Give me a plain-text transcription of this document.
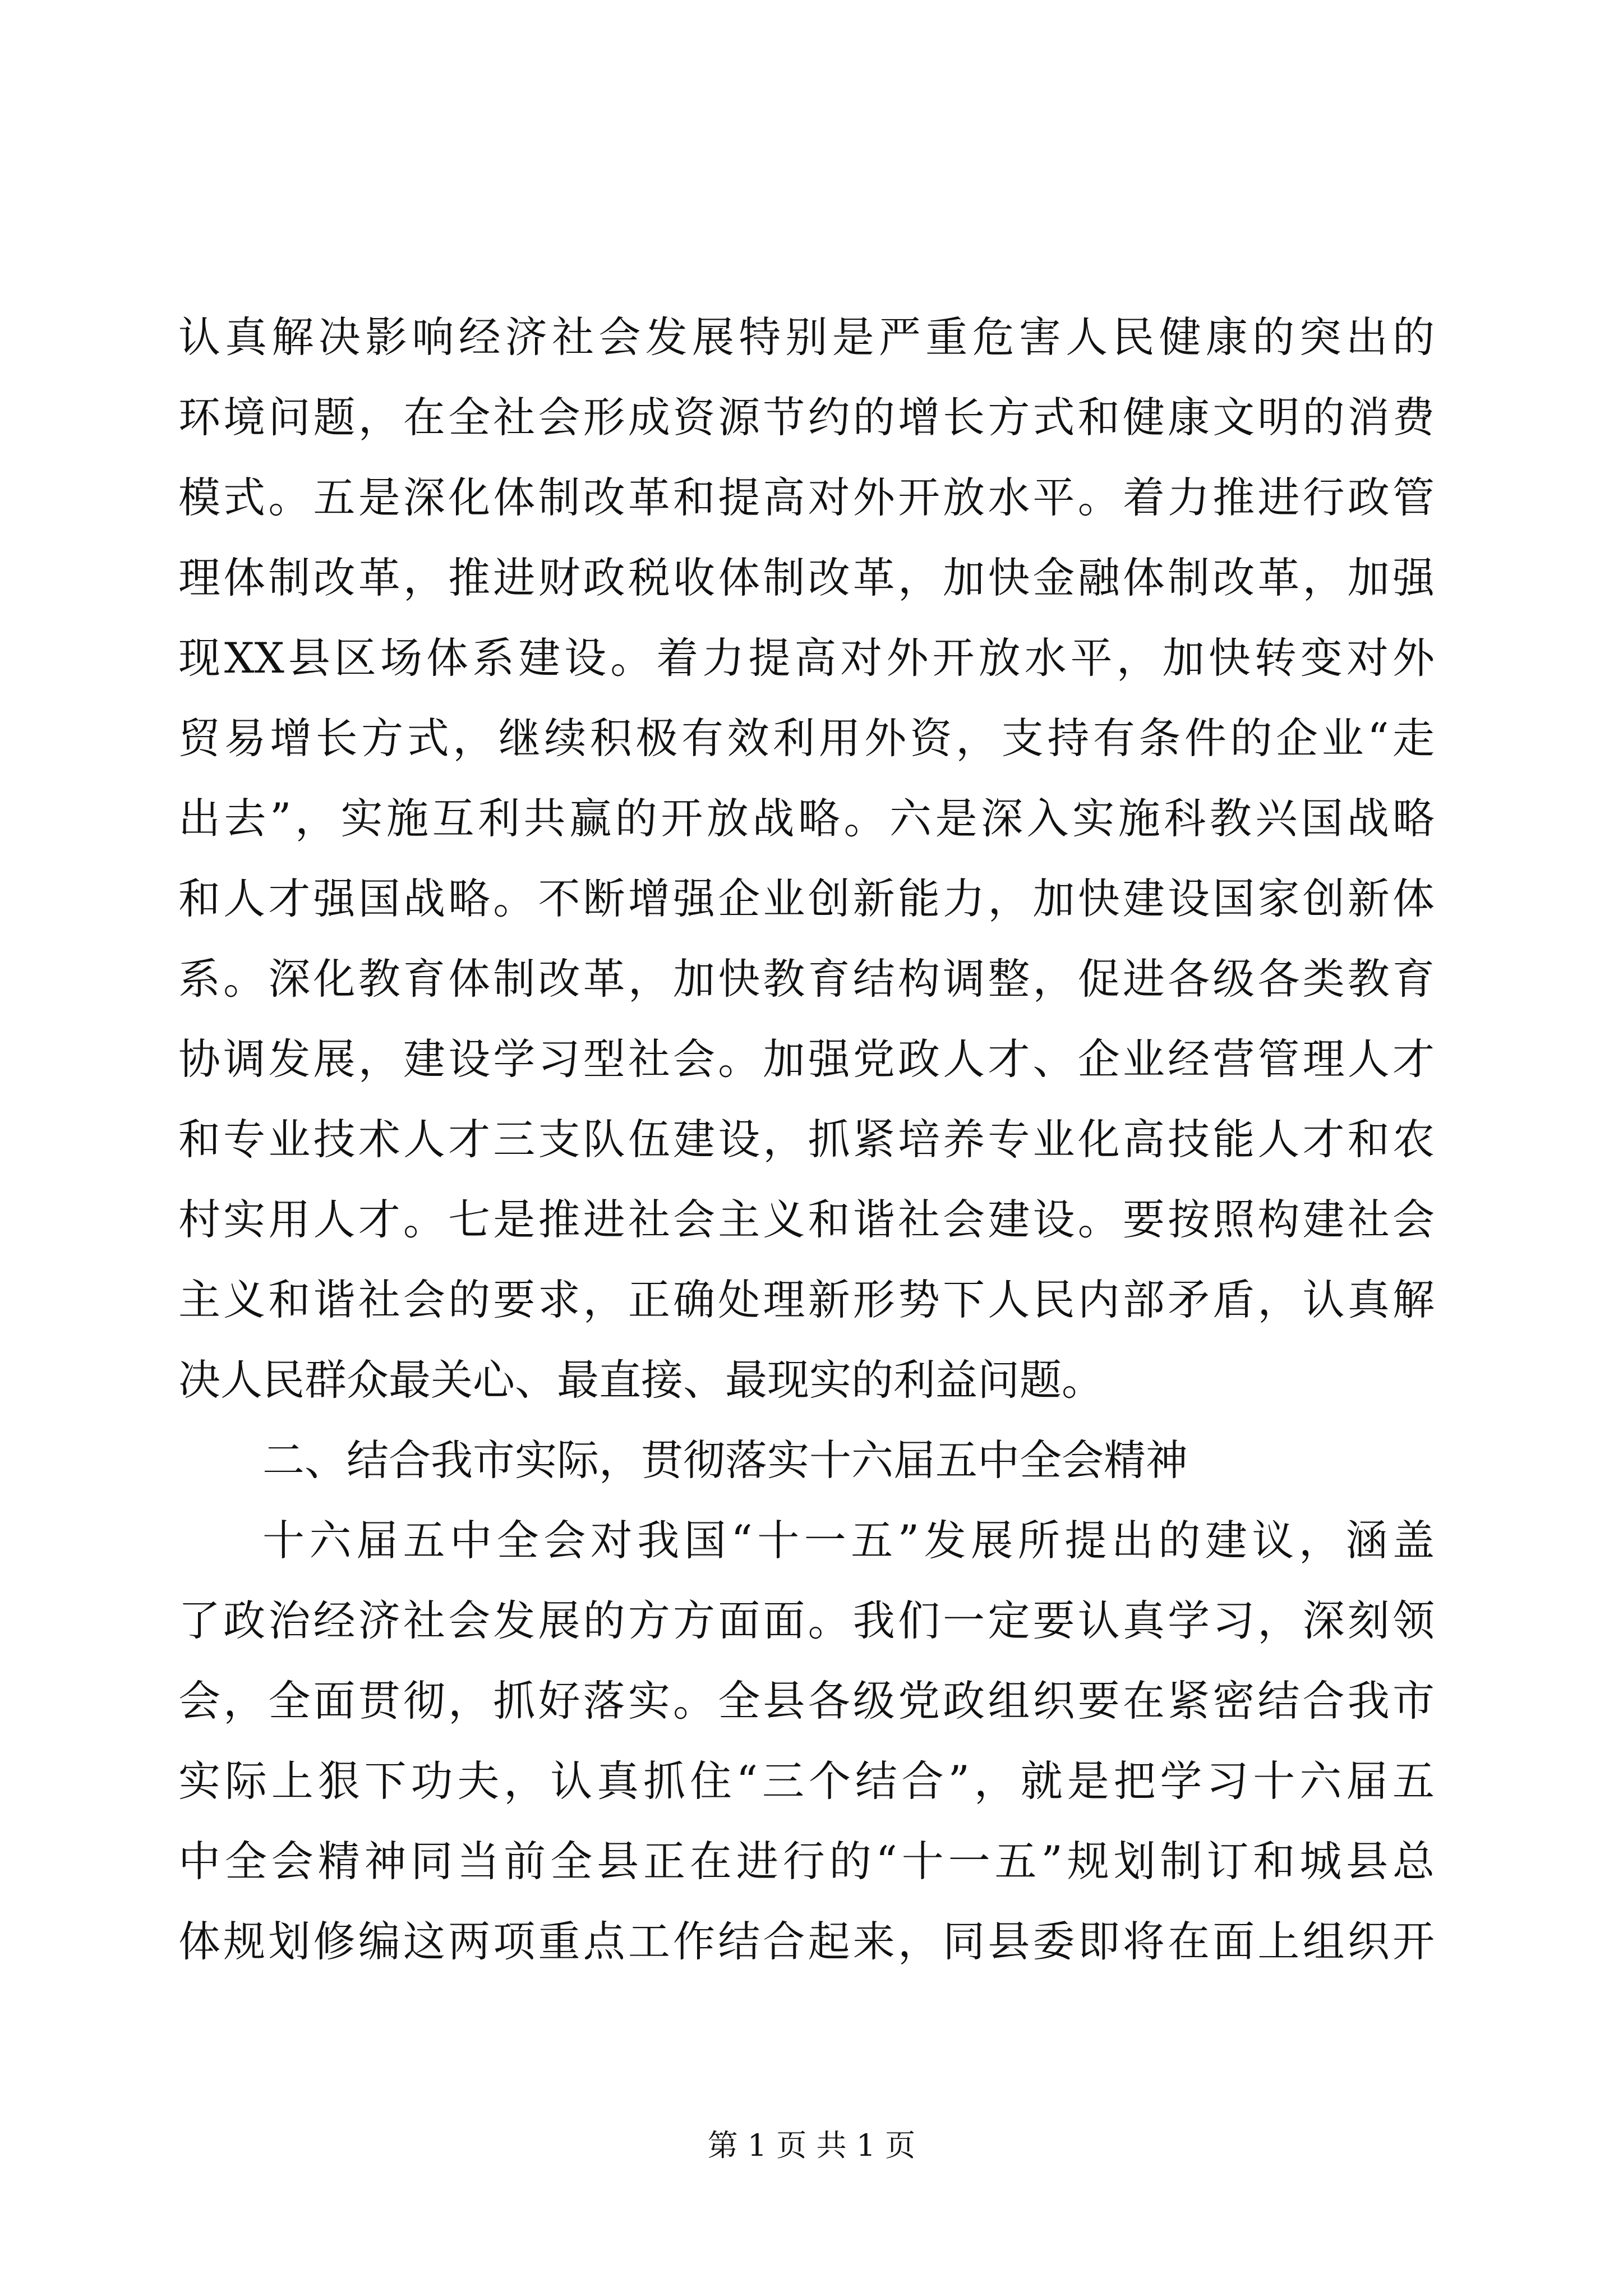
认真解决影响经济社会发展特别是严重危害人民健康的突出的
环境问题，在全社会形成资源节约的增长方式和健康文明的消费
模式。五是深化体制改革和提高对外开放水平。着力推进行政管
理体制改革，推进财政税收体制改革，加快金融体制改革，加强
现XX县区场体系建设。着力提高对外开放水平，加快转变对外
贸易增长方式，继续积极有效利用外资，支持有条件的企业“走
出去”，实施互利共赢的开放战略。六是深入实施科教兴国战略
和人才强国战略。不断增强企业创新能力，加快建设国家创新体
系。深化教育体制改革，加快教育结构调整，促进各级各类教育
协调发展，建设学习型社会。加强党政人才、企业经营管理人才
和专业技术人才三支队伍建设，抓紧培养专业化高技能人才和农
村实用人才。七是推进社会主义和谐社会建设。要按照构建社会
主义和谐社会的要求，正确处理新形势下人民内部矛盾，认真解
决人民群众最关心、最直接、最现实的利益问题。
二、结合我市实际，贯彻落实十六届五中全会精神
十六届五中全会对我国“十一五”发展所提出的建议，涵盖
了政治经济社会发展的方方面面。我们一定要认真学习，深刻领
会，全面贯彻，抓好落实。全县各级党政组织要在紧密结合我市
实际上狠下功夫，认真抓住“三个结合”，就是把学习十六届五
中全会精神同当前全县正在进行的“十一五”规划制订和城县总
体规划修编这两项重点工作结合起来，同县委即将在面上组织开
第 1 页 共 1 页
